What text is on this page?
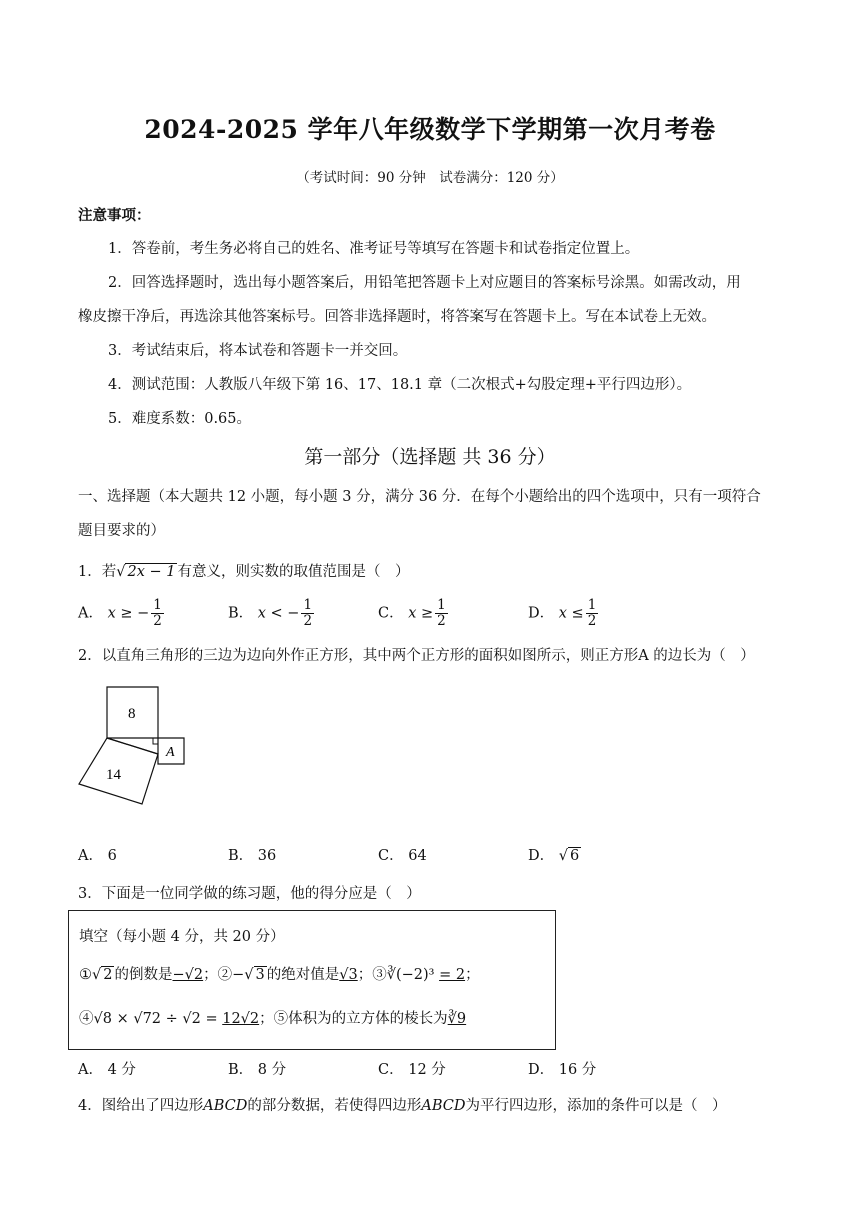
2024-2025 学年八年级数学下学期第一次月考卷
（考试时间：90 分钟　试卷满分：120 分）
注意事项：
1．答卷前，考生务必将自己的姓名、准考证号等填写在答题卡和试卷指定位置上。
2．回答选择题时，选出每小题答案后，用铅笔把答题卡上对应题目的答案标号涂黑。如需改动，用
橡皮擦干净后，再选涂其他答案标号。回答非选择题时，将答案写在答题卡上。写在本试卷上无效。
3．考试结束后，将本试卷和答题卡一并交回。
4．测试范围：人教版八年级下第 16、17、18.1 章（二次根式+勾股定理+平行四边形）。
5．难度系数：0.65。
第一部分（选择题 共 36 分）
一、选择题（本大题共 12 小题，每小题 3 分，满分 36 分．在每个小题给出的四个选项中，只有一项符合
题目要求的）
1．若√ 2x − 1 有意义，则实数的取值范围是（　）
A． x ≥ − $\frac{1}{2}$	B． x < − $\frac{1}{2}$	C． $x \ge \frac{1}{2}$	D． $x \le \frac{1}{2}$
2．以直角三角形的三边为边向外作正方形，其中两个正方形的面积如图所示，则正方形A 的边长为（　）
8
14
A
A． 6	B． 36	C． 64	D． √ 6
3．下面是一位同学做的练习题，他的得分应是（　）
填空（每小题 4 分，共 20 分）
①√ 2 的倒数是−√2；②−√ 3 的绝对值是√3；③∛(−2)³ = 2；
④√8 × √72 ÷ √2 = 12√2；⑤体积为的立方体的棱长为∛9
A． 4 分	B． 8 分	C． 12 分	D． 16 分
4．图给出了四边形ABCD的部分数据，若使得四边形ABCD为平行四边形，添加的条件可以是（　）
